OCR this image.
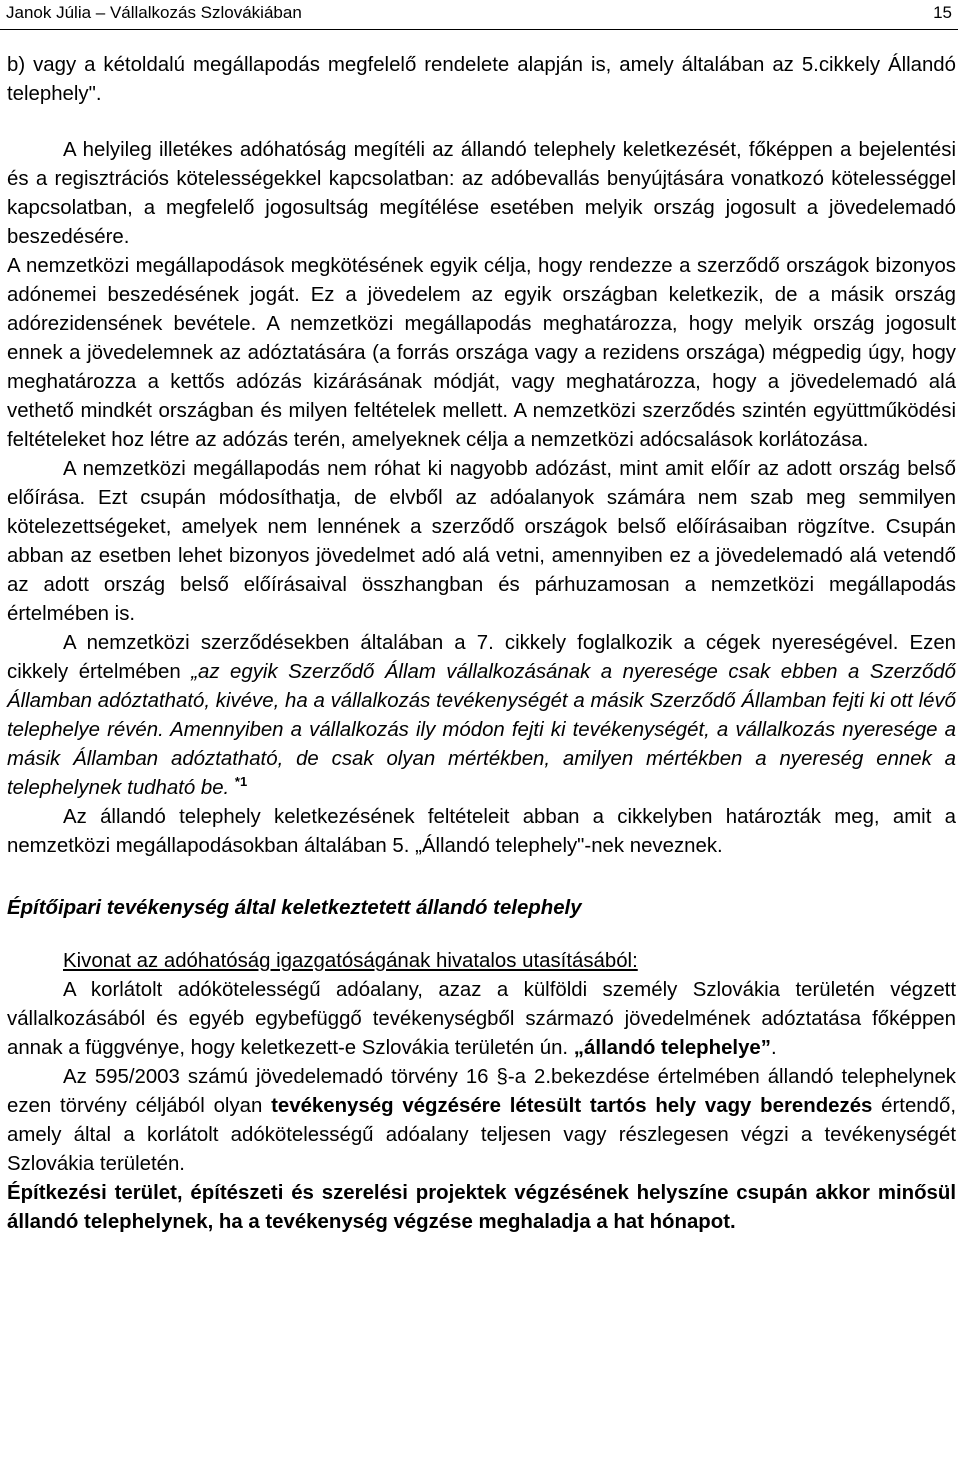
Janok Júlia – Vállalkozás Szlovákiában	15

b) vagy a kétoldalú megállapodás megfelelő rendelete alapján is, amely általában az 5.cikkely Állandó telephely".

A helyileg illetékes adóhatóság megítéli az állandó telephely keletkezését, főképpen a bejelentési és a regisztrációs kötelességekkel kapcsolatban: az adóbevallás benyújtására vonatkozó kötelességgel kapcsolatban, a megfelelő jogosultság megítélése esetében melyik ország jogosult a jövedelemadó beszedésére.

A nemzetközi megállapodások megkötésének egyik célja, hogy rendezze a szerződő országok bizonyos adónemei beszedésének jogát. Ez a jövedelem az egyik országban keletkezik, de a másik ország adórezidensének bevétele. A nemzetközi megállapodás meghatározza, hogy melyik ország jogosult ennek a jövedelemnek az adóztatására (a forrás országa vagy a rezidens országa) mégpedig úgy, hogy meghatározza a kettős adózás kizárásának módját, vagy meghatározza, hogy a jövedelemadó alá vethető mindkét országban és milyen feltételek mellett. A nemzetközi szerződés szintén együttműködési feltételeket hoz létre az adózás terén, amelyeknek célja a nemzetközi adócsalások korlátozása.

A nemzetközi megállapodás nem róhat ki nagyobb adózást, mint amit előír az adott ország belső előírása. Ezt csupán módosíthatja, de elvből az adóalanyok számára nem szab meg semmilyen kötelezettségeket, amelyek nem lennének a szerződő országok belső előírásaiban rögzítve. Csupán abban az esetben lehet bizonyos jövedelmet adó alá vetni, amennyiben ez a jövedelemadó alá vetendő az adott ország belső előírásaival összhangban és párhuzamosan a nemzetközi megállapodás értelmében is.

A nemzetközi szerződésekben általában a 7. cikkely foglalkozik a cégek nyereségével. Ezen cikkely értelmében „az egyik Szerződő Állam vállalkozásának a nyeresége csak ebben a Szerződő Államban adóztatható, kivéve, ha a vállalkozás tevékenységét a másik Szerződő Államban fejti ki ott lévő telephelye révén. Amennyiben a vállalkozás ily módon fejti ki tevékenységét, a vállalkozás nyeresége a másik Államban adóztatható, de csak olyan mértékben, amilyen mértékben a nyereség ennek a telephelynek tudható be. $^{*1}$

Az állandó telephely keletkezésének feltételeit abban a cikkelyben határozták meg, amit a nemzetközi megállapodásokban általában 5. „Állandó telephely"-nek neveznek.

Építőipari tevékenység által keletkeztetett állandó telephely

Kivonat az adóhatóság igazgatóságának hivatalos utasításából:

A korlátolt adókötelességű adóalany, azaz a külföldi személy Szlovákia területén végzett vállalkozásából és egyéb egybefüggő tevékenységből származó jövedelmének adóztatása főképpen annak a függvénye, hogy keletkezett-e Szlovákia területén ún. „állandó telephelye”.

Az 595/2003 számú jövedelemadó törvény 16 §-a 2.bekezdése értelmében állandó telephelynek ezen törvény céljából olyan tevékenység végzésére létesült tartós hely vagy berendezés értendő, amely által a korlátolt adókötelességű adóalany teljesen vagy részlegesen végzi a tevékenységét Szlovákia területén.

Építkezési terület, építészeti és szerelési projektek végzésének helyszíne csupán akkor minősül állandó telephelynek, ha a tevékenység végzése meghaladja a hat hónapot.
